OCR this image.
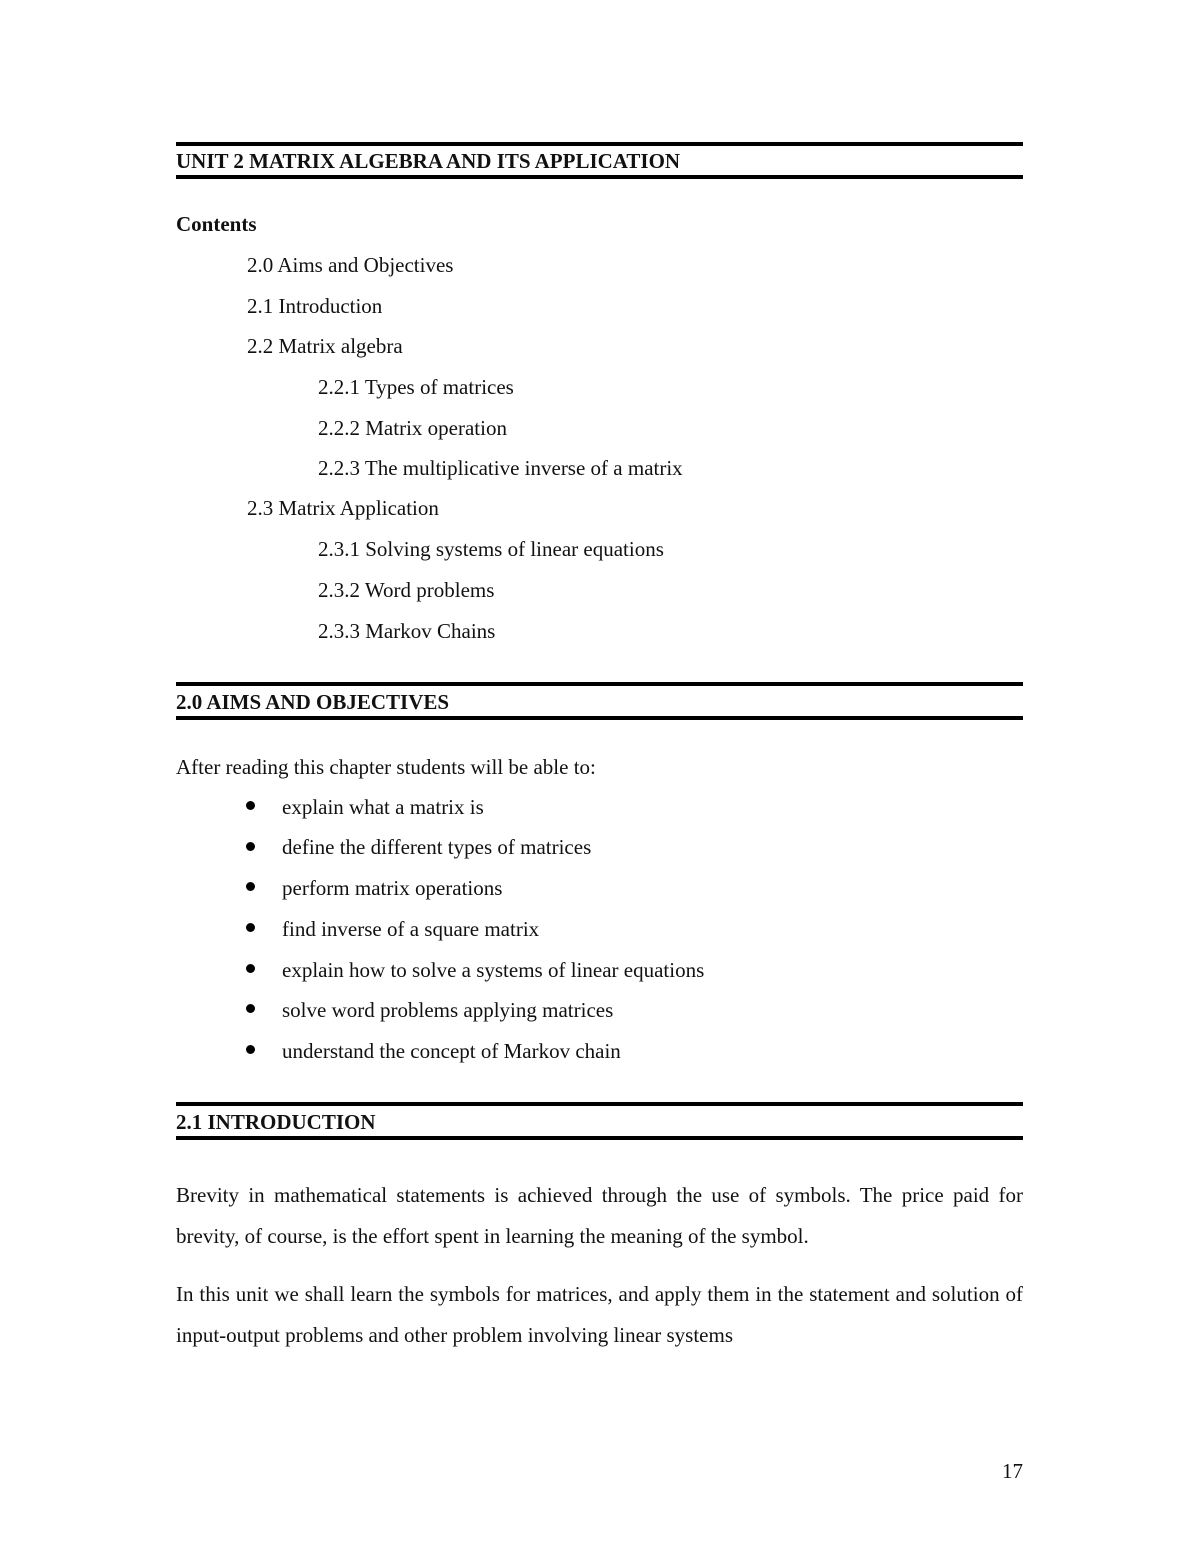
UNIT 2 MATRIX ALGEBRA AND ITS APPLICATION
Contents
2.0 Aims and Objectives
2.1 Introduction
2.2 Matrix algebra
2.2.1 Types of matrices
2.2.2 Matrix operation
2.2.3 The multiplicative inverse of a matrix
2.3 Matrix Application
2.3.1 Solving systems of linear equations
2.3.2 Word problems
2.3.3 Markov Chains
2.0 AIMS AND OBJECTIVES
After reading this chapter students will be able to:
explain what a matrix is
define the different types of matrices
perform matrix operations
find inverse of a square matrix
explain how to solve a systems of linear equations
solve word problems applying matrices
understand the concept of Markov chain
2.1 INTRODUCTION
Brevity in mathematical statements is achieved through the use of symbols. The price paid for brevity, of course, is the effort spent in learning the meaning of the symbol.
In this unit we shall learn the symbols for matrices, and apply them in the statement and solution of input-output problems and other problem involving linear systems
17
